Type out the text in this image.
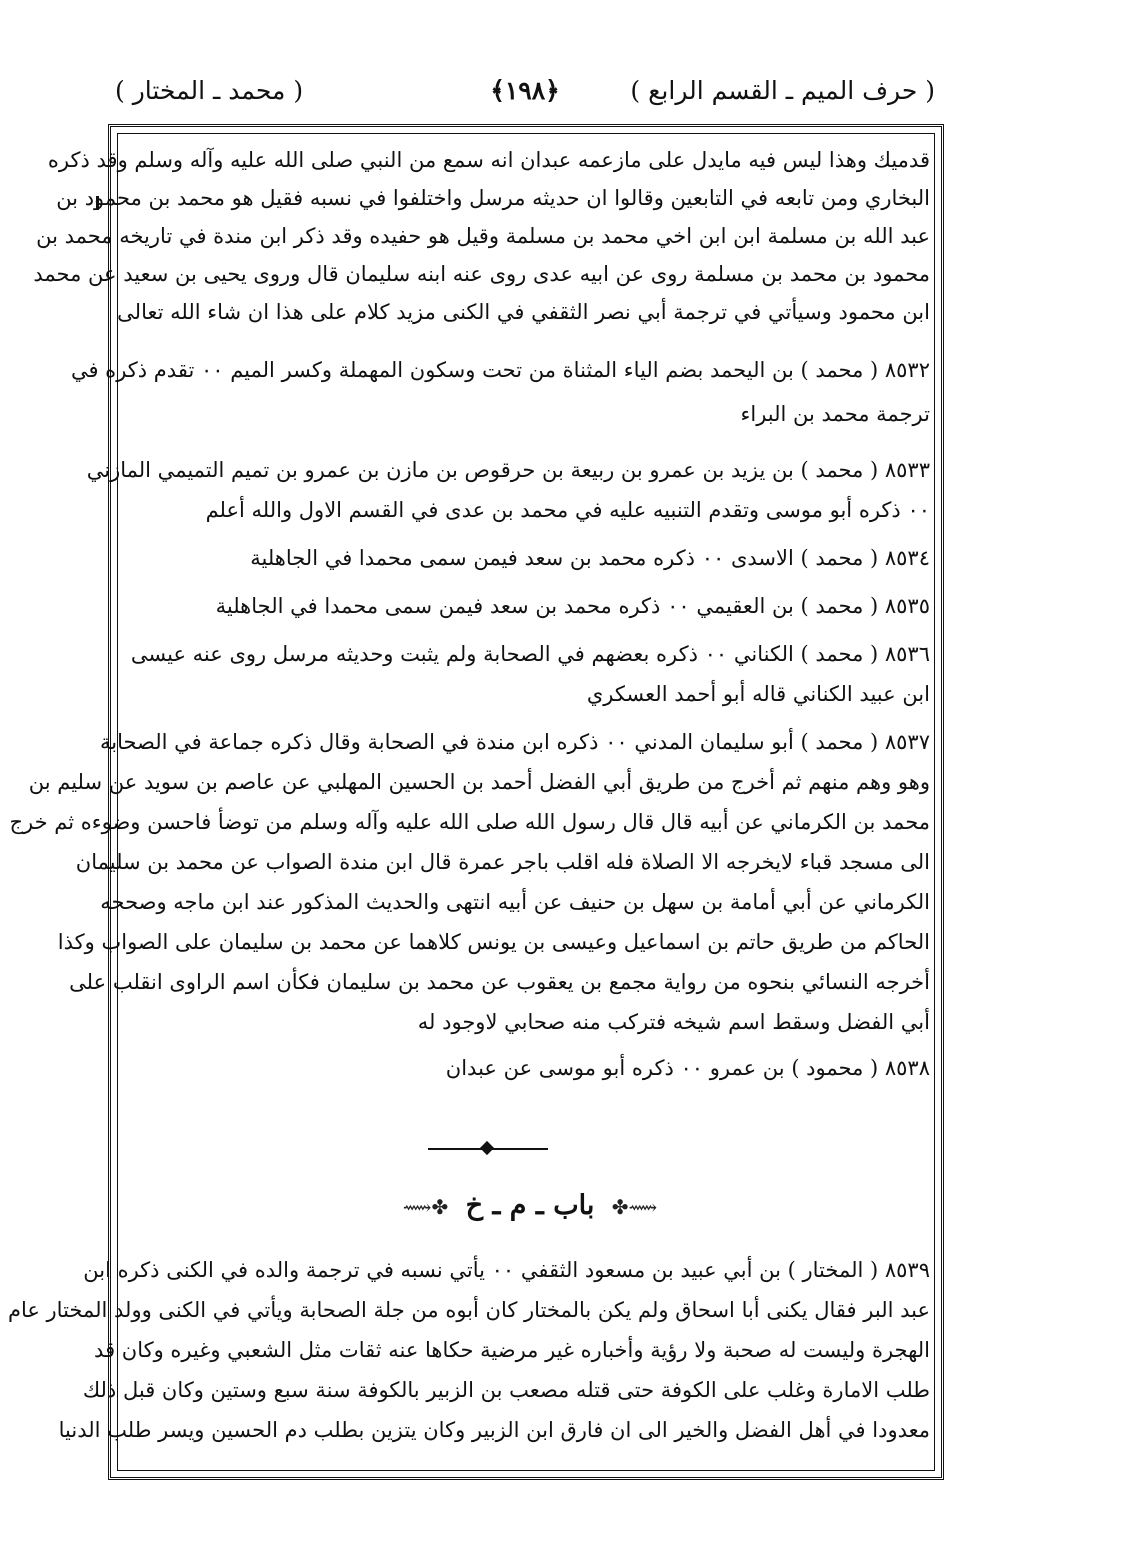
( حرف الميم ـ القسم الرابع )
﴿١٩٨﴾
( محمد ـ المختار )
قدميك وهذا ليس فيه مايدل على مازعمه عبدان انه سمع من النبي صلى الله عليه وآله وسلم وقد ذكره
البخاري ومن تابعه في التابعين وقالوا ان حديثه مرسل واختلفوا في نسبه فقيل هو محمد بن محمود بن
عبد الله بن مسلمة ابن ابن اخي محمد بن مسلمة وقيل هو حفيده وقد ذكر ابن مندة في تاريخه محمد بن
محمود بن محمد بن مسلمة روى عن ابيه عدى روى عنه ابنه سليمان قال وروى يحيى بن سعيد عن محمد
ابن محمود وسيأتي في ترجمة أبي نصر الثقفي في الكنى مزيد كلام على هذا ان شاء الله تعالى
٨٥٣٢ ( محمد ) بن اليحمد بضم الياء المثناة من تحت وسكون المهملة وكسر الميم ٠٠ تقدم ذكره في
ترجمة محمد بن البراء
٨٥٣٣ ( محمد ) بن يزيد بن عمرو بن ربيعة بن حرقوص بن مازن بن عمرو بن تميم التميمي المازني
٠٠ ذكره أبو موسى وتقدم التنبيه عليه في محمد بن عدى في القسم الاول والله أعلم
٨٥٣٤ ( محمد ) الاسدى ٠٠ ذكره محمد بن سعد فيمن سمى محمدا في الجاهلية
٨٥٣٥ ( محمد ) بن العقيمي ٠٠ ذكره محمد بن سعد فيمن سمى محمدا في الجاهلية
٨٥٣٦ ( محمد ) الكناني ٠٠ ذكره بعضهم في الصحابة ولم يثبت وحديثه مرسل روى عنه عيسى
ابن عبيد الكناني قاله أبو أحمد العسكري
٨٥٣٧ ( محمد ) أبو سليمان المدني ٠٠ ذكره ابن مندة في الصحابة وقال ذكره جماعة في الصحابة
وهو وهم منهم ثم أخرج من طريق أبي الفضل أحمد بن الحسين المهلبي عن عاصم بن سويد عن سليم بن
محمد بن الكرماني عن أبيه قال قال رسول الله صلى الله عليه وآله وسلم من توضأ فاحسن وضوءه ثم خرج
الى مسجد قباء لايخرجه الا الصلاة فله اقلب باجر عمرة قال ابن مندة الصواب عن محمد بن سليمان
الكرماني عن أبي أمامة بن سهل بن حنيف عن أبيه انتهى والحديث المذكور عند ابن ماجه وصححه
الحاكم من طريق حاتم بن اسماعيل وعيسى بن يونس كلاهما عن محمد بن سليمان على الصواب وكذا
أخرجه النسائي بنحوه من رواية مجمع بن يعقوب عن محمد بن سليمان فكأن اسم الراوى انقلب على
أبي الفضل وسقط اسم شيخه فتركب منه صحابي لاوجود له
٨٥٣٨ ( محمود ) بن عمرو ٠٠ ذكره أبو موسى عن عبدان
٨٥٣٩ ( المختار ) بن أبي عبيد بن مسعود الثقفي ٠٠ يأتي نسبه في ترجمة والده في الكنى ذكره ابن
عبد البر فقال يكنى أبا اسحاق ولم يكن بالمختار كان أبوه من جلة الصحابة ويأتي في الكنى وولد المختار عام
الهجرة وليست له صحبة ولا رؤية وأخباره غير مرضية حكاها عنه ثقات مثل الشعبي وغيره وكان قد
طلب الامارة وغلب على الكوفة حتى قتله مصعب بن الزبير بالكوفة سنة سبع وستين وكان قبل ذلك
معدودا في أهل الفضل والخير الى ان فارق ابن الزبير وكان يتزين بطلب دم الحسين ويسر طلب الدنيا
⟿✤ باب ـ م ـ خ ✤⟿
